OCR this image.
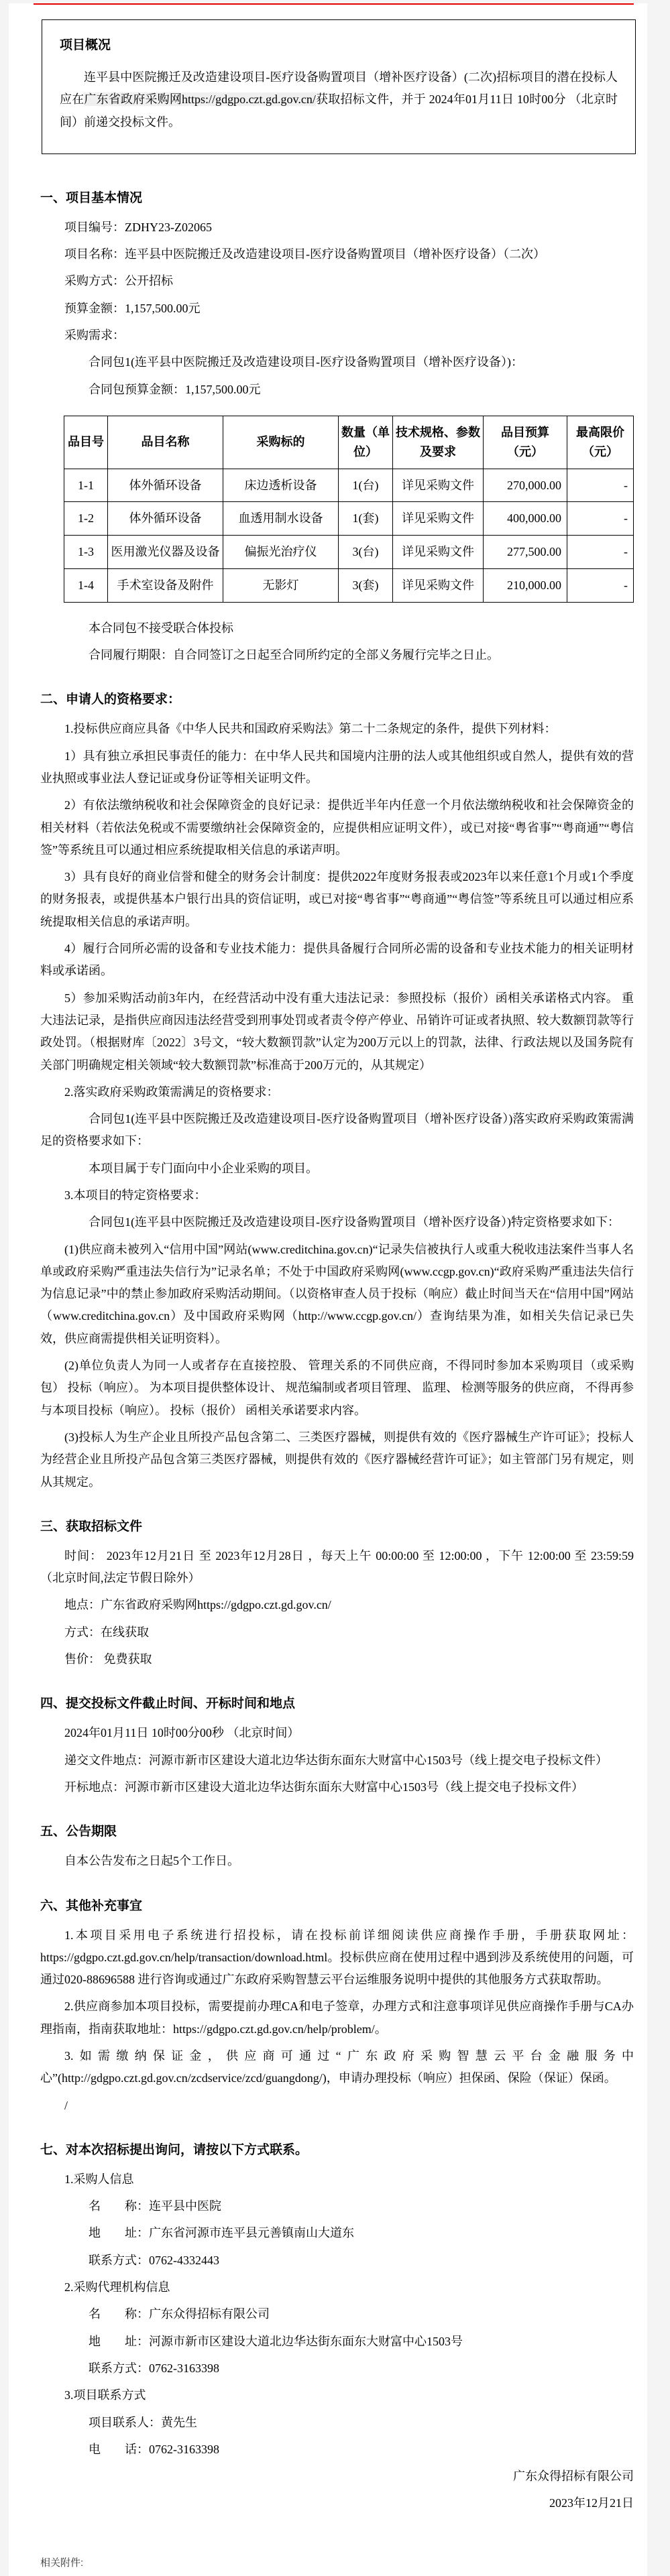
项目概况

连平县中医院搬迁及改造建设项目-医疗设备购置项目（增补医疗设备）(二次)招标项目的潜在投标人应在广东省政府采购网https://gdgpo.czt.gd.gov.cn/获取招标文件，并于 2024年01月11日 10时00分 （北京时间）前递交投标文件。

一、项目基本情况

项目编号：ZDHY23-Z02065

项目名称：连平县中医院搬迁及改造建设项目-医疗设备购置项目（增补医疗设备）（二次）

采购方式：公开招标

预算金额：1,157,500.00元

采购需求：

合同包1(连平县中医院搬迁及改造建设项目-医疗设备购置项目（增补医疗设备）)：

合同包预算金额：1,157,500.00元

品目号	品目名称	采购标的	数量（单位）	技术规格、参数及要求	品目预算（元）	最高限价（元）
1-1	体外循环设备	床边透析设备	1(台)	详见采购文件	270,000.00	-
1-2	体外循环设备	血透用制水设备	1(套)	详见采购文件	400,000.00	-
1-3	医用激光仪器及设备	偏振光治疗仪	3(台)	详见采购文件	277,500.00	-
1-4	手术室设备及附件	无影灯	3(套)	详见采购文件	210,000.00	-

本合同包不接受联合体投标

合同履行期限：自合同签订之日起至合同所约定的全部义务履行完毕之日止。

二、申请人的资格要求：

1.投标供应商应具备《中华人民共和国政府采购法》第二十二条规定的条件，提供下列材料：

1）具有独立承担民事责任的能力：在中华人民共和国境内注册的法人或其他组织或自然人，提供有效的营业执照或事业法人登记证或身份证等相关证明文件。

2）有依法缴纳税收和社会保障资金的良好记录：提供近半年内任意一个月依法缴纳税收和社会保障资金的相关材料（若依法免税或不需要缴纳社会保障资金的，应提供相应证明文件），或已对接“粤省事”“粤商通”“粤信签”等系统且可以通过相应系统提取相关信息的承诺声明。

3）具有良好的商业信誉和健全的财务会计制度：提供2022年度财务报表或2023年以来任意1个月或1个季度的财务报表，或提供基本户银行出具的资信证明，或已对接“粤省事”“粤商通”“粤信签”等系统且可以通过相应系统提取相关信息的承诺声明。

4）履行合同所必需的设备和专业技术能力：提供具备履行合同所必需的设备和专业技术能力的相关证明材料或承诺函。

5）参加采购活动前3年内，在经营活动中没有重大违法记录：参照投标（报价）函相关承诺格式内容。 重大违法记录，是指供应商因违法经营受到刑事处罚或者责令停产停业、吊销许可证或者执照、较大数额罚款等行政处罚。（根据财库〔2022〕3号文，“较大数额罚款”认定为200万元以上的罚款，法律、行政法规以及国务院有关部门明确规定相关领域“较大数额罚款”标准高于200万元的，从其规定）

2.落实政府采购政策需满足的资格要求：

合同包1(连平县中医院搬迁及改造建设项目-医疗设备购置项目（增补医疗设备）)落实政府采购政策需满足的资格要求如下：

本项目属于专门面向中小企业采购的项目。

3.本项目的特定资格要求：

合同包1(连平县中医院搬迁及改造建设项目-医疗设备购置项目（增补医疗设备）)特定资格要求如下：

(1)供应商未被列入“信用中国”网站(www.creditchina.gov.cn)“记录失信被执行人或重大税收违法案件当事人名单或政府采购严重违法失信行为”记录名单；不处于中国政府采购网(www.ccgp.gov.cn)“政府采购严重违法失信行为信息记录”中的禁止参加政府采购活动期间。（以资格审查人员于投标（响应）截止时间当天在“信用中国”网站（www.creditchina.gov.cn）及中国政府采购网（http://www.ccgp.gov.cn/）查询结果为准，如相关失信记录已失效，供应商需提供相关证明资料）。

(2)单位负责人为同一人或者存在直接控股、 管理关系的不同供应商，不得同时参加本采购项目（或采购包） 投标（响应）。 为本项目提供整体设计、 规范编制或者项目管理、 监理、 检测等服务的供应商， 不得再参与本项目投标（响应）。 投标（报价） 函相关承诺要求内容。

(3)投标人为生产企业且所投产品包含第二、三类医疗器械，则提供有效的《医疗器械生产许可证》；投标人为经营企业且所投产品包含第三类医疗器械，则提供有效的《医疗器械经营许可证》；如主管部门另有规定，则从其规定。

三、获取招标文件

时间： 2023年12月21日 至 2023年12月28日 ，每天上午 00:00:00 至 12:00:00 ，下午 12:00:00 至 23:59:59 （北京时间,法定节假日除外）

地点：广东省政府采购网https://gdgpo.czt.gd.gov.cn/

方式：在线获取

售价： 免费获取

四、提交投标文件截止时间、开标时间和地点

2024年01月11日 10时00分00秒 （北京时间）

递交文件地点：河源市新市区建设大道北边华达街东面东大财富中心1503号（线上提交电子投标文件）

开标地点：河源市新市区建设大道北边华达街东面东大财富中心1503号（线上提交电子投标文件）

五、公告期限

自本公告发布之日起5个工作日。

六、其他补充事宜

1.本项目采用电子系统进行招投标，请在投标前详细阅读供应商操作手册，手册获取网址：https://gdgpo.czt.gd.gov.cn/help/transaction/download.html。投标供应商在使用过程中遇到涉及系统使用的问题，可通过020-88696588 进行咨询或通过广东政府采购智慧云平台运维服务说明中提供的其他服务方式获取帮助。

2.供应商参加本项目投标，需要提前办理CA和电子签章，办理方式和注意事项详见供应商操作手册与CA办理指南，指南获取地址：https://gdgpo.czt.gd.gov.cn/help/problem/。

3.如需缴纳保证金，供应商可通过“广东政府采购智慧云平台金融服务中心”(http://gdgpo.czt.gd.gov.cn/zcdservice/zcd/guangdong/)，申请办理投标（响应）担保函、保险（保证）保函。

/

七、对本次招标提出询问，请按以下方式联系。

1.采购人信息

名　　称：连平县中医院

地　　址：广东省河源市连平县元善镇南山大道东

联系方式：0762-4332443

2.采购代理机构信息

名　　称：广东众得招标有限公司

地　　址：河源市新市区建设大道北边华达街东面东大财富中心1503号

联系方式：0762-3163398

3.项目联系方式

项目联系人：黄先生

电　　话：0762-3163398

广东众得招标有限公司

2023年12月21日

相关附件:
